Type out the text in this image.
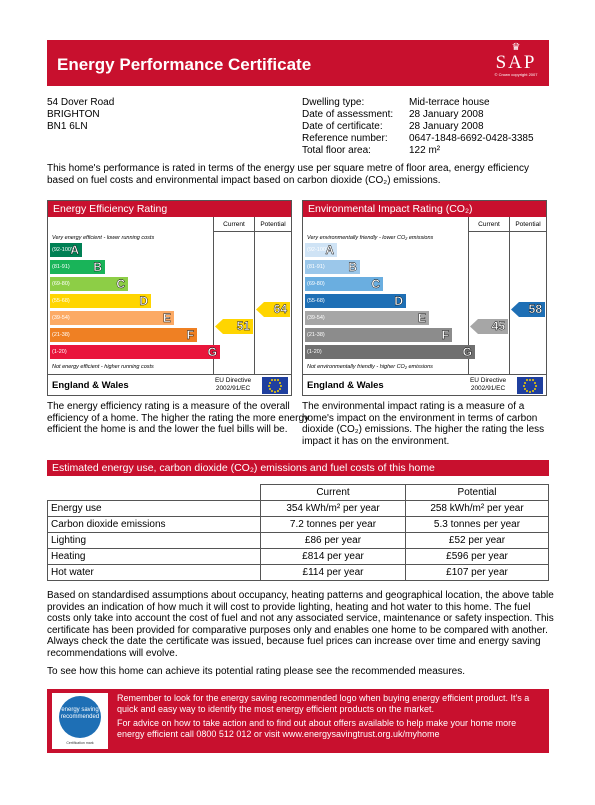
Energy Performance Certificate
♛
SAP
© Crown copyright 2007
54 Dover Road
BRIGHTON
BN1 6LN
Dwelling type:	Mid-terrace house
Date of assessment:	28 January 2008
Date of certificate:	28 January 2008
Reference number:	0647-1848-6692-0428-3385
Total floor area:	122 m²
This home's performance is rated in terms of the energy use per square metre of floor area, energy efficiency based on fuel costs and environmental impact based on carbon dioxide (CO₂) emissions.
Energy Efficiency Rating
Current	Potential
Very energy efficient - lower running costs
(92-100)
A
(81-91) B
(69-80)	C
(55-68)	D
(39-54)	E
(21-38)	F
(1-20)	G
51
64
Not energy efficient - higher running costs
England & Wales	EU Directive 2002/91/EC
Environmental Impact Rating (CO₂)
Current	Potential
Very environmentally friendly - lower CO₂ emissions
(92-100)
A
(81-91) B
(69-80)	C
(55-68)	D
(39-54)	E
(21-38)	F
(1-20)	G
45
58
Not environmentally friendly - higher CO₂ emissions
England & Wales	EU Directive 2002/91/EC
The energy efficiency rating is a measure of the overall efficiency of a home. The higher the rating the more energy efficient the home is and the lower the fuel bills will be.
The environmental impact rating is a measure of a home's impact on the environment in terms of carbon dioxide (CO₂) emissions. The higher the rating the less impact it has on the environment.
Estimated energy use, carbon dioxide (CO₂) emissions and fuel costs of this home
	Current	Potential
Energy use	354 kWh/m² per year	258 kWh/m² per year
Carbon dioxide emissions	7.2 tonnes per year	5.3 tonnes per year
Lighting	£86 per year	£52 per year
Heating	£814 per year	£596 per year
Hot water	£114 per year	£107 per year
Based on standardised assumptions about occupancy, heating patterns and geographical location, the above table provides an indication of how much it will cost to provide lighting, heating and hot water to this home. The fuel costs only take into account the cost of fuel and not any associated service, maintenance or safety inspection. This certificate has been provided for comparative purposes only and enables one home to be compared with another. Always check the date the certificate was issued, because fuel prices can increase over time and energy saving recommendations will evolve.
To see how this home can achieve its potential rating please see the recommended measures.
energy saving recommended
Certification mark
Remember to look for the energy saving recommended logo when buying energy efficient product. It's a quick and easy way to identify the most energy efficient products on the market.
For advice on how to take action and to find out about offers available to help make your home more energy efficient call 0800 512 012 or visit www.energysavingtrust.org.uk/myhome
